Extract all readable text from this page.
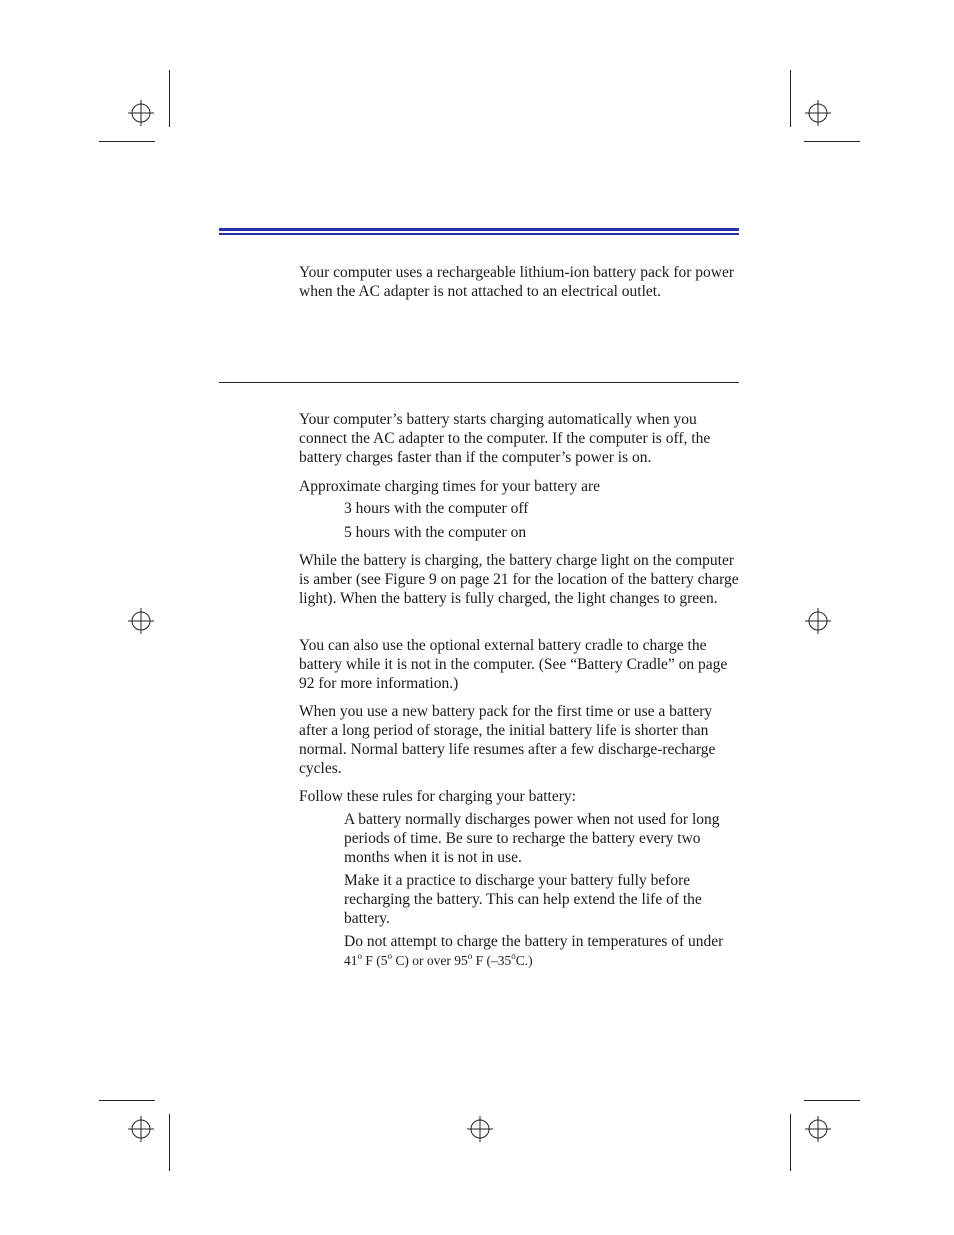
Your computer uses a rechargeable lithium-ion battery pack for power when the AC adapter is not attached to an electrical outlet.

Your computer’s battery starts charging automatically when you connect the AC adapter to the computer. If the computer is off, the battery charges faster than if the computer’s power is on.

Approximate charging times for your battery are

3 hours with the computer off

5 hours with the computer on

While the battery is charging, the battery charge light on the computer is amber (see Figure 9 on page 21 for the location of the battery charge light). When the battery is fully charged, the light changes to green.

You can also use the optional external battery cradle to charge the battery while it is not in the computer. (See “Battery Cradle” on page 92 for more information.)

When you use a new battery pack for the first time or use a battery after a long period of storage, the initial battery life is shorter than normal. Normal battery life resumes after a few discharge-recharge cycles.

Follow these rules for charging your battery:

A battery normally discharges power when not used for long periods of time. Be sure to recharge the battery every two months when it is not in use.

Make it a practice to discharge your battery fully before recharging the battery. This can help extend the life of the battery.

Do not attempt to charge the battery in temperatures of under 41$^o$ F (5$^o$ C) or over 95$^o$ F (–35$^o$C.)
